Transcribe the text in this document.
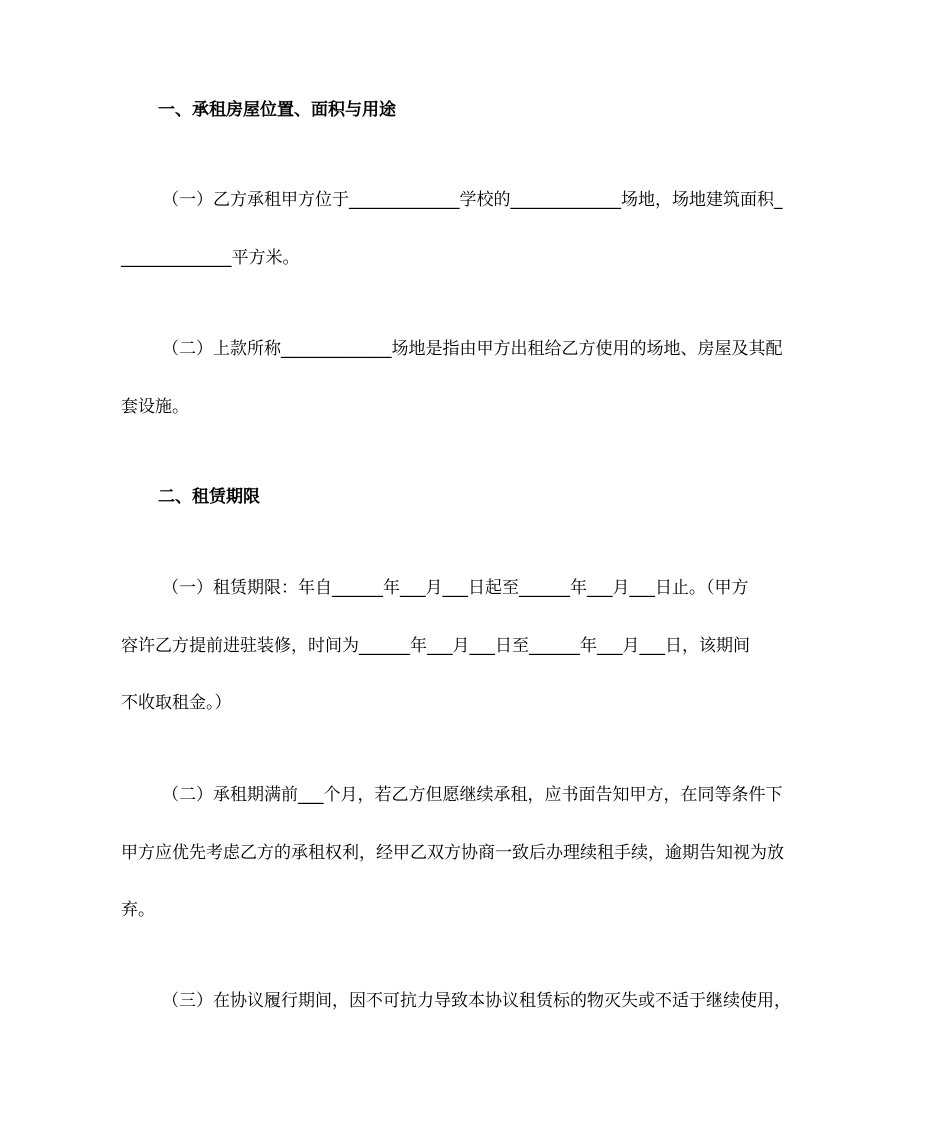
一、承租房屋位置、面积与用途
（一）乙方承租甲方位于_____________学校的_____________场地，场地建筑面积_
_____________平方米。
（二）上款所称_____________场地是指由甲方出租给乙方使用的场地、房屋及其配
套设施。
二、租赁期限
（一）租赁期限：年自______年___月___日起至______年___月___日止。（甲方
容许乙方提前进驻装修，时间为______年___月___日至______年___月___日，该期间
不收取租金。）
（二）承租期满前___个月，若乙方但愿继续承租，应书面告知甲方，在同等条件下
甲方应优先考虑乙方的承租权利，经甲乙双方协商一致后办理续租手续，逾期告知视为放
弃。
（三）在协议履行期间，因不可抗力导致本协议租赁标的物灭失或不适于继续使用，
